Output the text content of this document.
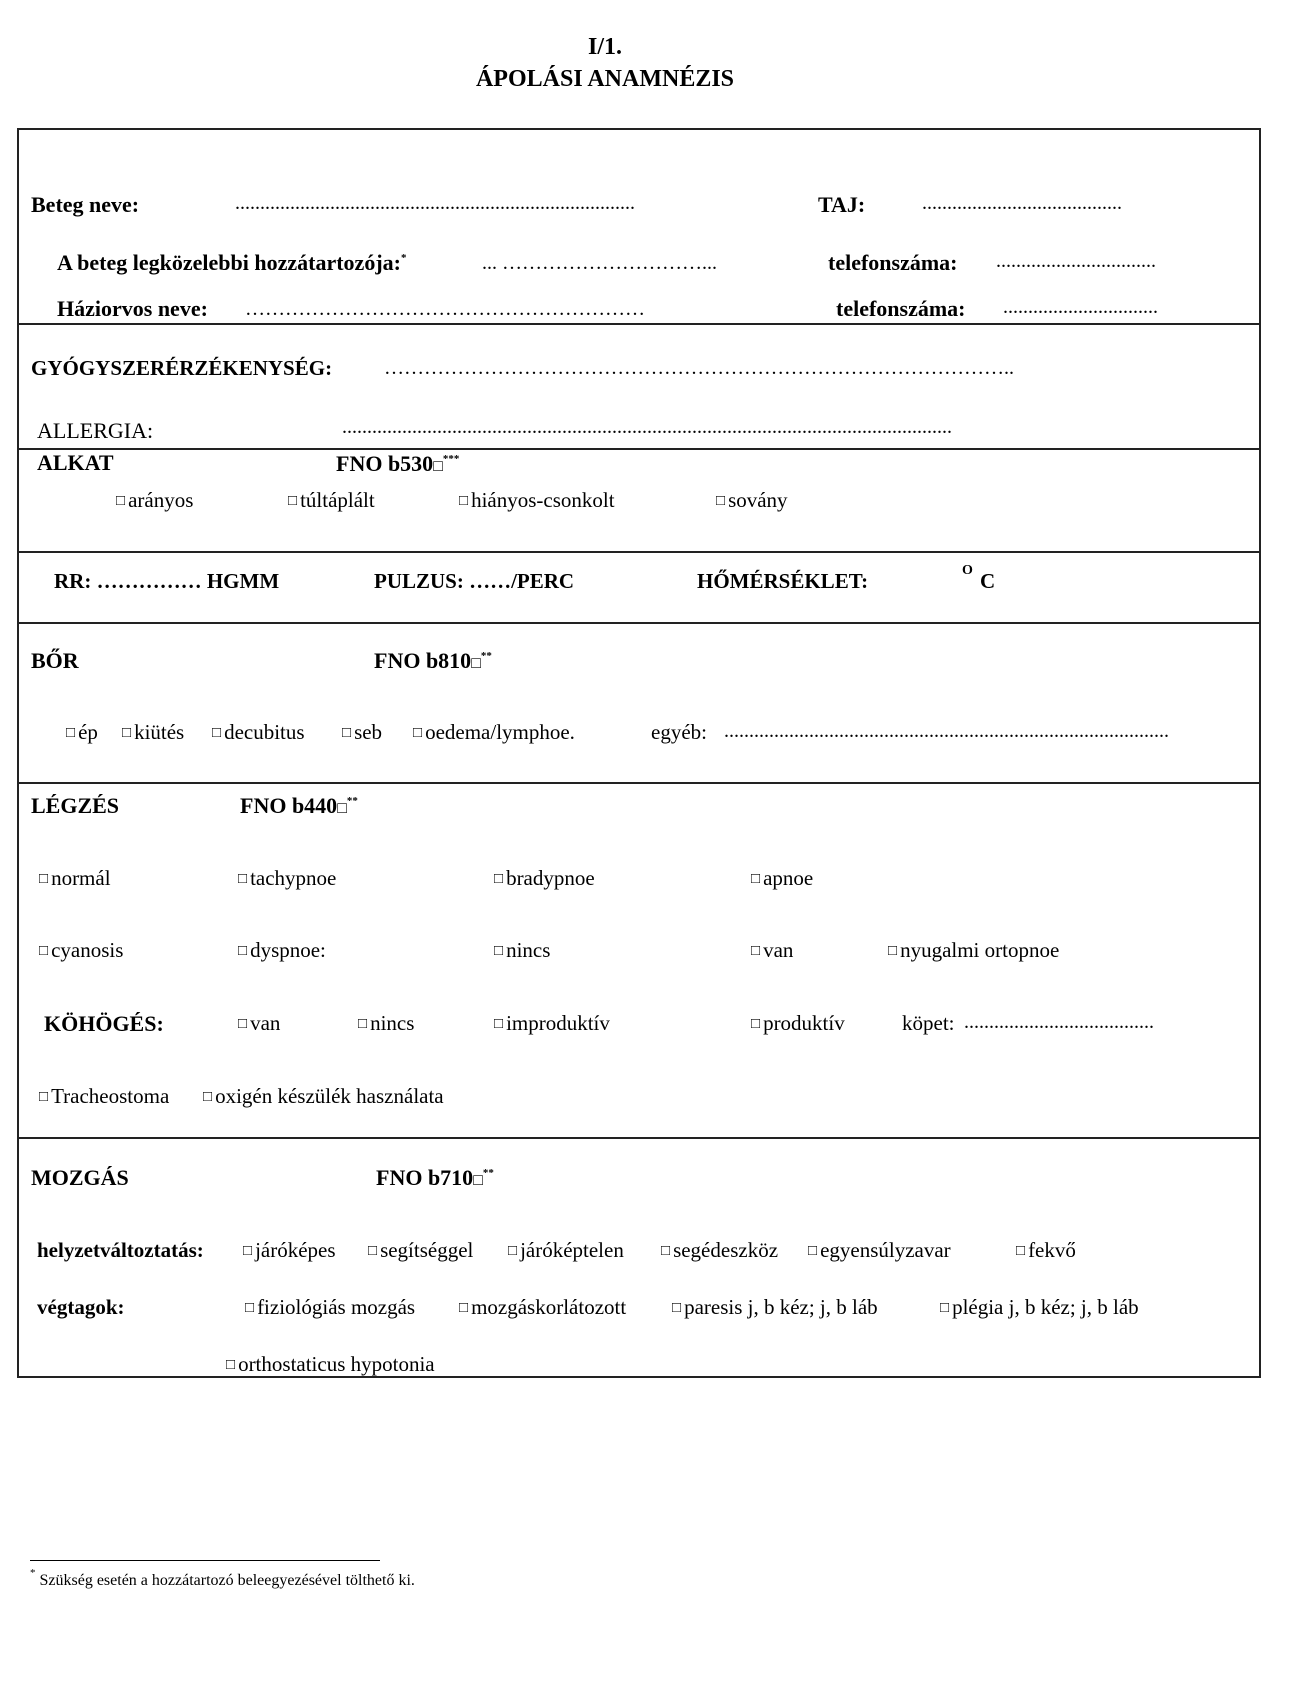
I/1.
ÁPOLÁSI ANAMNÉZIS
Beteg neve:	................................................................................	TAJ:	........................................
A beteg legközelebbi hozzátartozója:*	... …………………………...	telefonszáma: ................................
Háziorvos neve: ……………………………………………………	telefonszáma: ...............................
GYÓGYSZERÉRZÉKENYSÉG:	…………………………………………………………………………………..
ALLERGIA:	..........................................................................................................................
ALKAT	FNO b530□***
□ arányos	□ túltáplált	□ hiányos-csonkolt	□ sovány
RR: …………… HGMM	PULZUS: ……/PERC	HŐMÉRSÉKLET:	O C
BŐR	FNO b810□**
□ ép □ kiütés □ decubitus □ seb □ oedema/lymphoe.	egyéb: .........................................................................................
LÉGZÉS	FNO b440□**
□ normál	□ tachypnoe	□ bradypnoe	□ apnoe
□ cyanosis	□ dyspnoe:	□ nincs	□ van	□ nyugalmi ortopnoe
KÖHÖGÉS:	□ van	□ nincs	□ improduktív	□ produktív	köpet: ......................................
□ Tracheostoma □ oxigén készülék használata
MOZGÁS	FNO b710□**
helyzetváltoztatás:	□ járóképes □ segítséggel □ járóképtelen □ segédeszköz □ egyensúlyzavar	□ fekvő
végtagok:	□ fiziológiás mozgás	□ mozgáskorlátozott	□ paresis j, b kéz; j, b láb	□ plégia j, b kéz; j, b láb
□ orthostaticus hypotonia
* Szükség esetén a hozzátartozó beleegyezésével tölthető ki.
